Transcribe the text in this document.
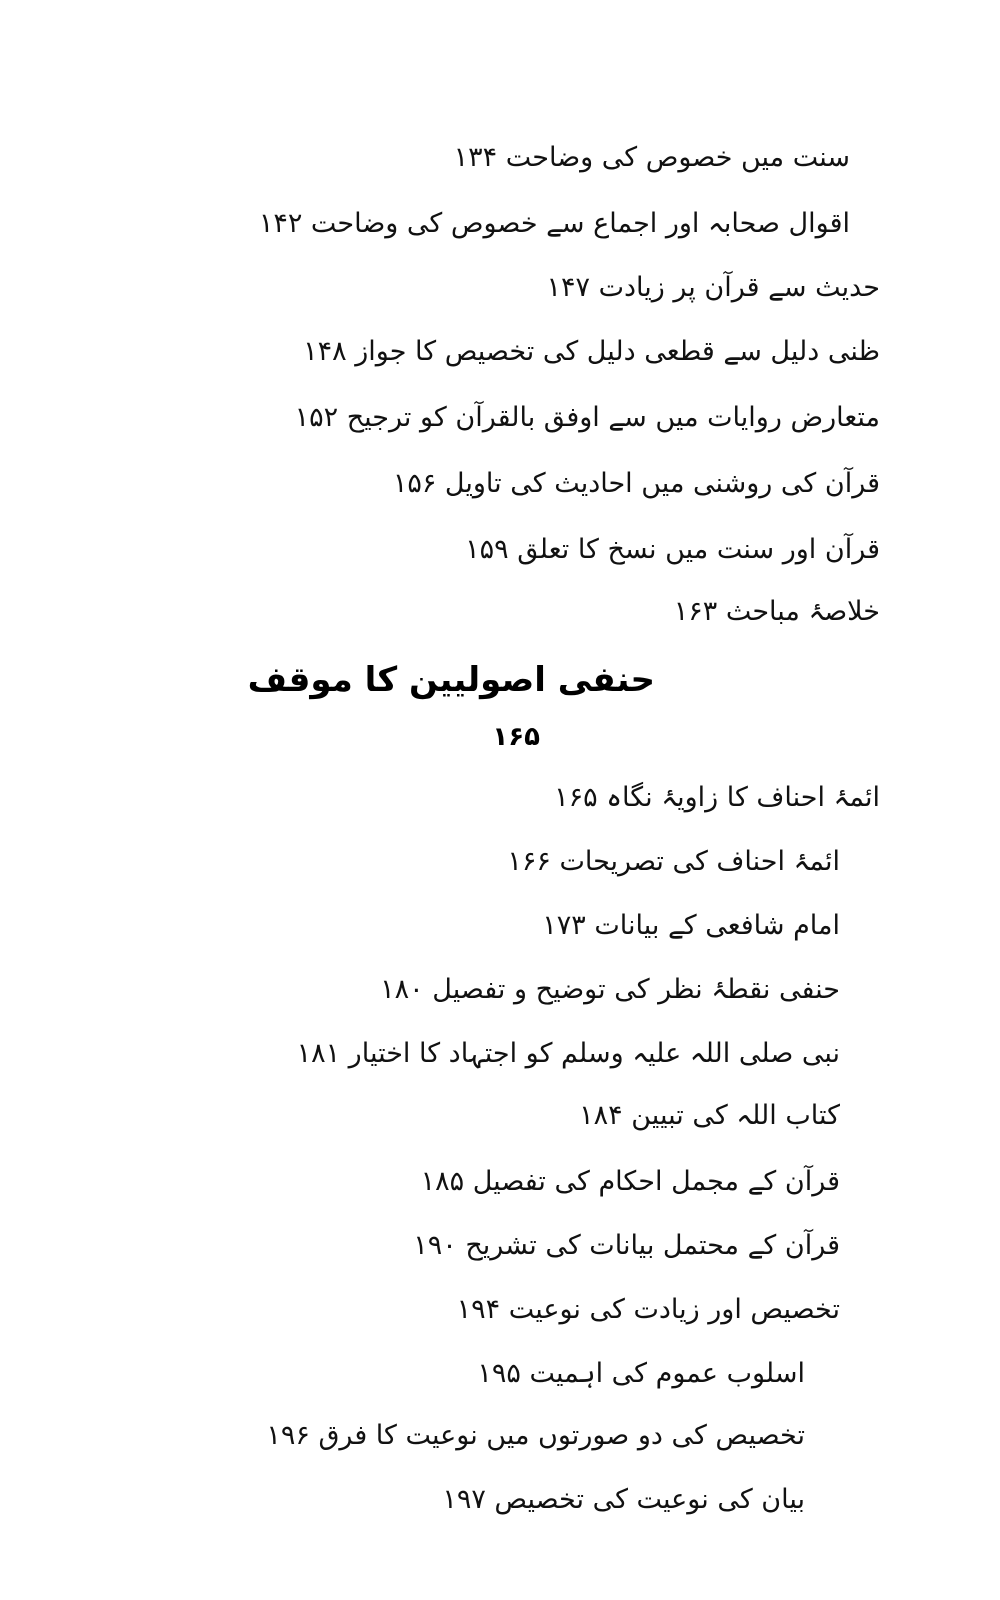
سنت میں خصوص کی وضاحت ۱۳۴
اقوال صحابہ اور اجماع سے خصوص کی وضاحت ۱۴۲
حدیث سے قرآن پر زیادت ۱۴۷
ظنی دلیل سے قطعی دلیل کی تخصیص کا جواز ۱۴۸
متعارض روایات میں سے اوفق بالقرآن کو ترجیح ۱۵۲
قرآن کی روشنی میں احادیث کی تاویل ۱۵۶
قرآن اور سنت میں نسخ کا تعلق ۱۵۹
خلاصۂ مباحث ۱۶۳
حنفی اصولیین کا موقف
۱۶۵
ائمۂ احناف کا زاویۂ نگاہ ۱۶۵
ائمۂ احناف کی تصریحات ۱۶۶
امام شافعی کے بیانات ۱۷۳
حنفی نقطۂ نظر کی توضیح و تفصیل ۱۸۰
نبی صلی اللہ علیہ وسلم کو اجتہاد کا اختیار ۱۸۱
کتاب اللہ کی تبیین ۱۸۴
قرآن کے مجمل احکام کی تفصیل ۱۸۵
قرآن کے محتمل بیانات کی تشریح ۱۹۰
تخصیص اور زیادت کی نوعیت ۱۹۴
اسلوب عموم کی اہمیت ۱۹۵
تخصیص کی دو صورتوں میں نوعیت کا فرق ۱۹۶
بیان کی نوعیت کی تخصیص ۱۹۷
